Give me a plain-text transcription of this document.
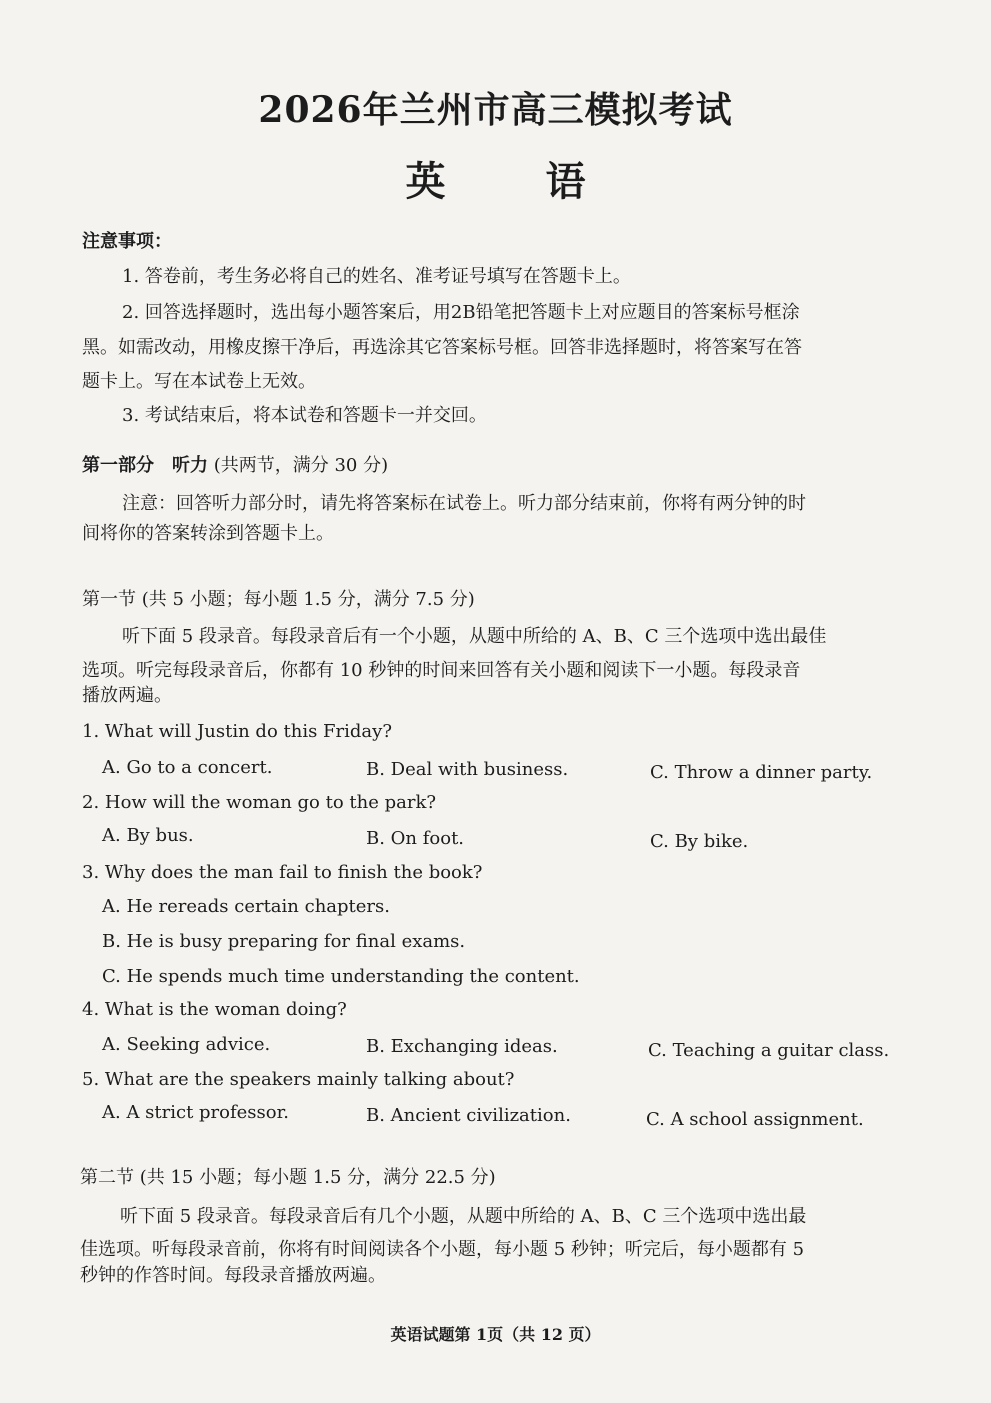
2026年兰州市高三模拟考试
英　语
注意事项：
1. 答卷前，考生务必将自己的姓名、准考证号填写在答题卡上。
2. 回答选择题时，选出每小题答案后，用2B铅笔把答题卡上对应题目的答案标号框涂
黑。如需改动，用橡皮擦干净后，再选涂其它答案标号框。回答非选择题时，将答案写在答
题卡上。写在本试卷上无效。
3. 考试结束后，将本试卷和答题卡一并交回。
第一部分　听力 (共两节，满分 30 分)
注意：回答听力部分时，请先将答案标在试卷上。听力部分结束前，你将有两分钟的时
间将你的答案转涂到答题卡上。
第一节 (共 5 小题；每小题 1.5 分，满分 7.5 分)
听下面 5 段录音。每段录音后有一个小题，从题中所给的 A、B、C 三个选项中选出最佳
选项。听完每段录音后，你都有 10 秒钟的时间来回答有关小题和阅读下一小题。每段录音
播放两遍。
1. What will Justin do this Friday?
A. Go to a concert.	B. Deal with business.	C. Throw a dinner party.
2. How will the woman go to the park?
A. By bus.	B. On foot.	C. By bike.
3. Why does the man fail to finish the book?
A. He rereads certain chapters.
B. He is busy preparing for final exams.
C. He spends much time understanding the content.
4. What is the woman doing?
A. Seeking advice.	B. Exchanging ideas.	C. Teaching a guitar class.
5. What are the speakers mainly talking about?
A. A strict professor.	B. Ancient civilization.	C. A school assignment.
第二节 (共 15 小题；每小题 1.5 分，满分 22.5 分)
听下面 5 段录音。每段录音后有几个小题，从题中所给的 A、B、C 三个选项中选出最
佳选项。听每段录音前，你将有时间阅读各个小题，每小题 5 秒钟；听完后，每小题都有 5
秒钟的作答时间。每段录音播放两遍。
英语试题第 1页（共 12 页）
